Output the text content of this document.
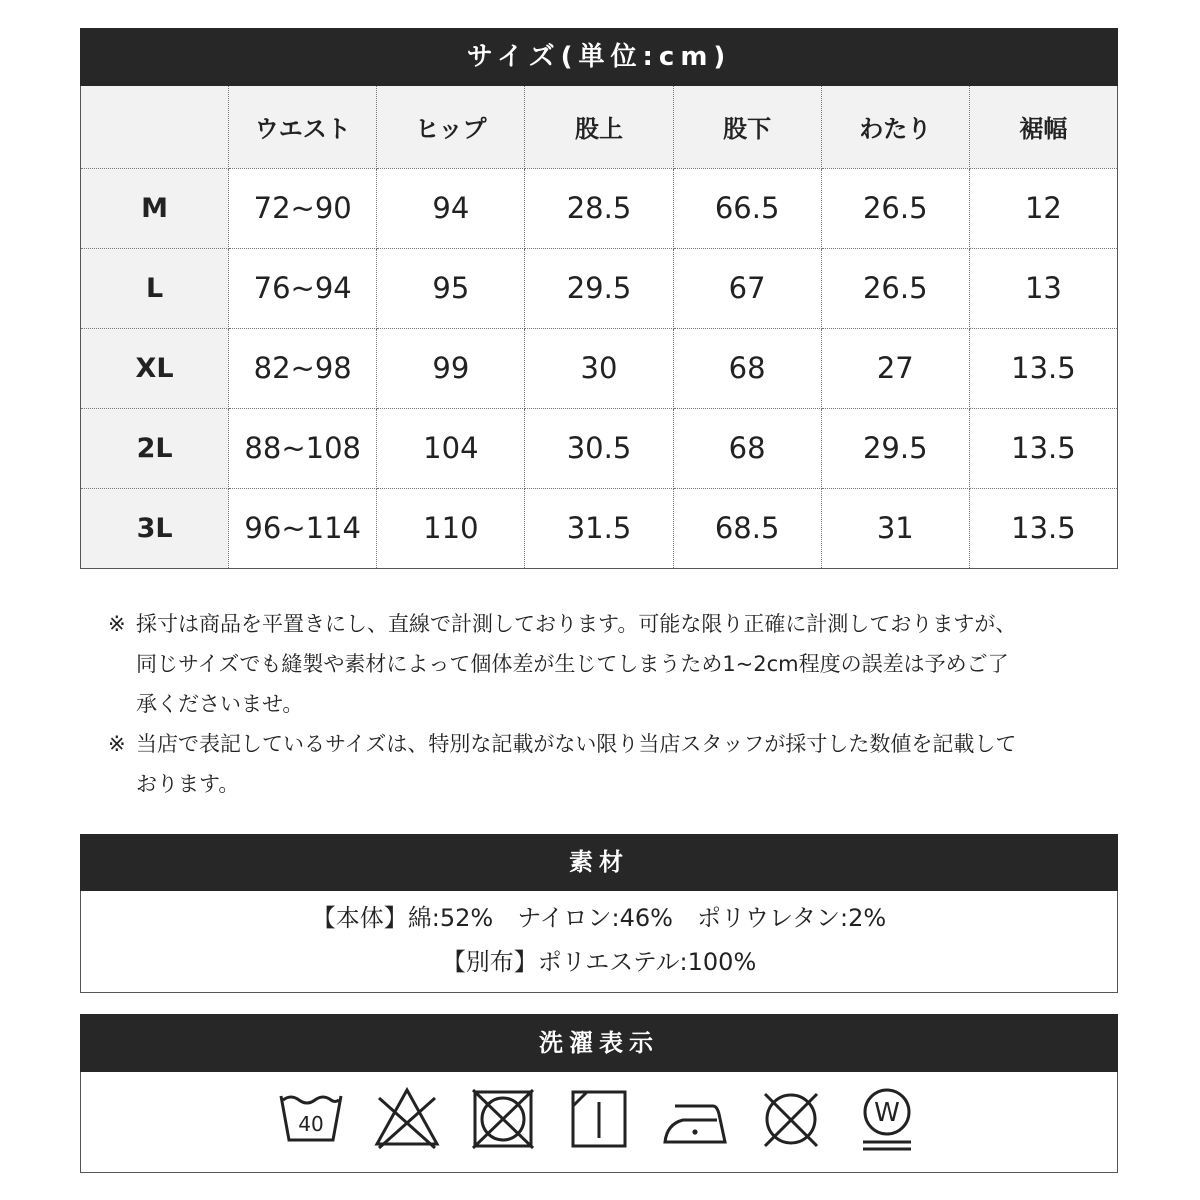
サイズ(単位:cm)
	ウエスト	ヒップ	股上	股下	わたり	裾幅
M	72~90	94	28.5	66.5	26.5	12
L	76~94	95	29.5	67	26.5	13
XL	82~98	99	30	68	27	13.5
2L	88~108	104	30.5	68	29.5	13.5
3L	96~114	110	31.5	68.5	31	13.5
※ 採寸は商品を平置きにし、直線で計測しております。可能な限り正確に計測しておりますが、同じサイズでも縫製や素材によって個体差が生じてしまうため1~2cm程度の誤差は予めご了承くださいませ。
※ 当店で表記しているサイズは、特別な記載がない限り当店スタッフが採寸した数値を記載しております。
素材
【本体】綿:52%　ナイロン:46%　ポリウレタン:2%
【別布】ポリエステル:100%
洗濯表示
40	W
